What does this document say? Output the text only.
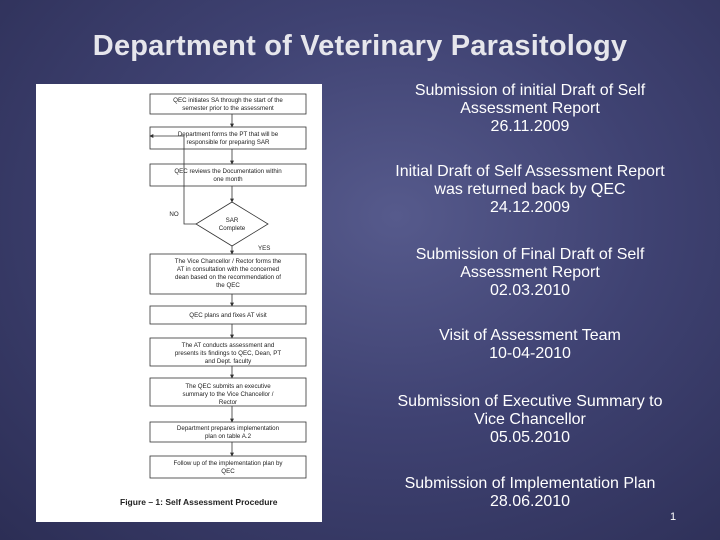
Department of Veterinary Parasitology
QEC initiates SA through the start of the
semester prior to the assessment
Department forms the PT that will be
responsible for preparing SAR
QEC reviews the Documentation within
one month
SAR
Complete
NO
YES
The Vice Chancellor / Rector forms the
AT in consultation with the concerned
dean based on the recommendation of
the QEC
QEC plans and fixes AT visit
The AT conducts assessment and
presents its findings to QEC, Dean, PT
and Dept. faculty
The QEC submits an executive
summary to the Vice Chancellor /
Rector
Department prepares implementation
plan on table A.2
Follow up of the implementation plan by
QEC
Figure – 1: Self Assessment Procedure
Submission of initial Draft of Self
Assessment Report
26.11.2009
Initial Draft of Self Assessment Report
was returned back by QEC
24.12.2009
Submission of Final Draft of Self
Assessment Report
02.03.2010
Visit of Assessment Team
10-04-2010
Submission of Executive Summary to
Vice Chancellor
05.05.2010
Submission of Implementation Plan
28.06.2010
1
